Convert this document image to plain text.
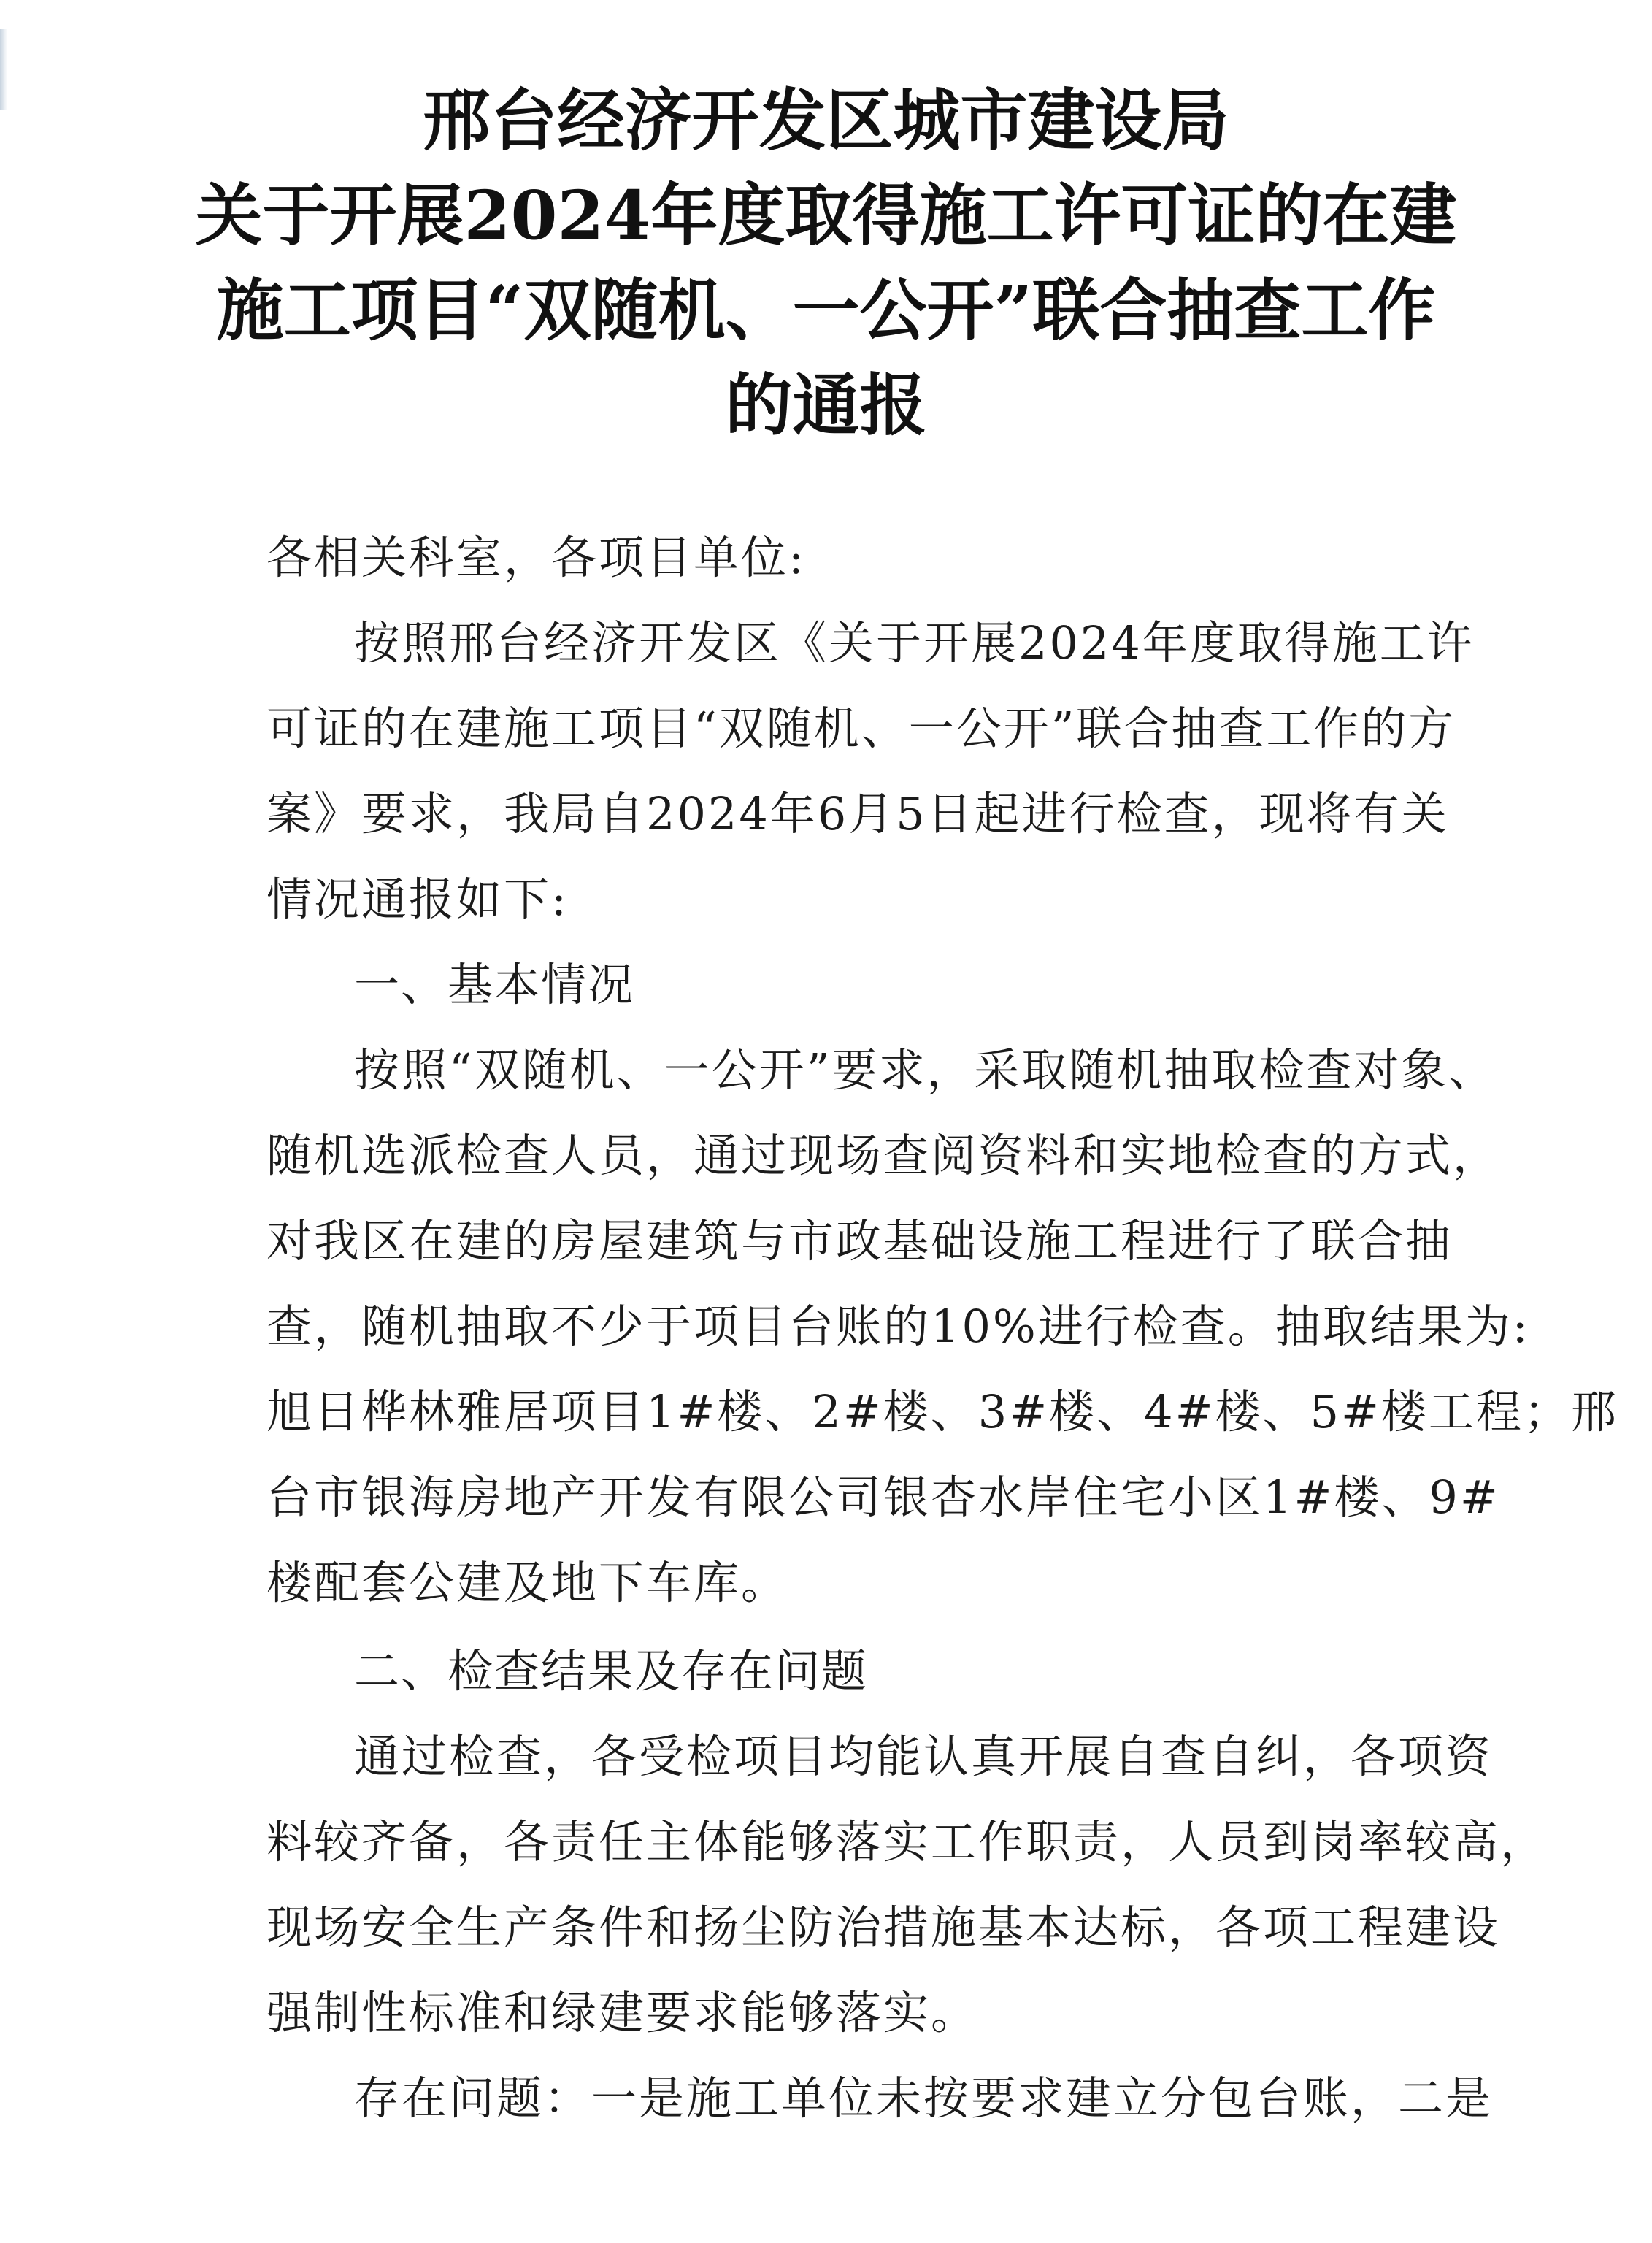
邢台经济开发区城市建设局
关于开展2024年度取得施工许可证的在建
施工项目“双随机、一公开”联合抽查工作
的通报
各相关科室，各项目单位:
按照邢台经济开发区《关于开展2024年度取得施工许
可证的在建施工项目“双随机、一公开”联合抽查工作的方
案》要求，我局自2024年6月5日起进行检查，现将有关
情况通报如下:
一、基本情况
按照“双随机、一公开”要求，采取随机抽取检查对象、
随机选派检查人员，通过现场查阅资料和实地检查的方式，
对我区在建的房屋建筑与市政基础设施工程进行了联合抽
查，随机抽取不少于项目台账的10%进行检查。抽取结果为:
旭日桦林雅居项目1#楼、2#楼、3#楼、4#楼、5#楼工程；邢
台市银海房地产开发有限公司银杏水岸住宅小区1#楼、9#
楼配套公建及地下车库。
二、检查结果及存在问题
通过检查，各受检项目均能认真开展自查自纠，各项资
料较齐备，各责任主体能够落实工作职责，人员到岗率较高，
现场安全生产条件和扬尘防治措施基本达标，各项工程建设
强制性标准和绿建要求能够落实。
存在问题：一是施工单位未按要求建立分包台账，二是
